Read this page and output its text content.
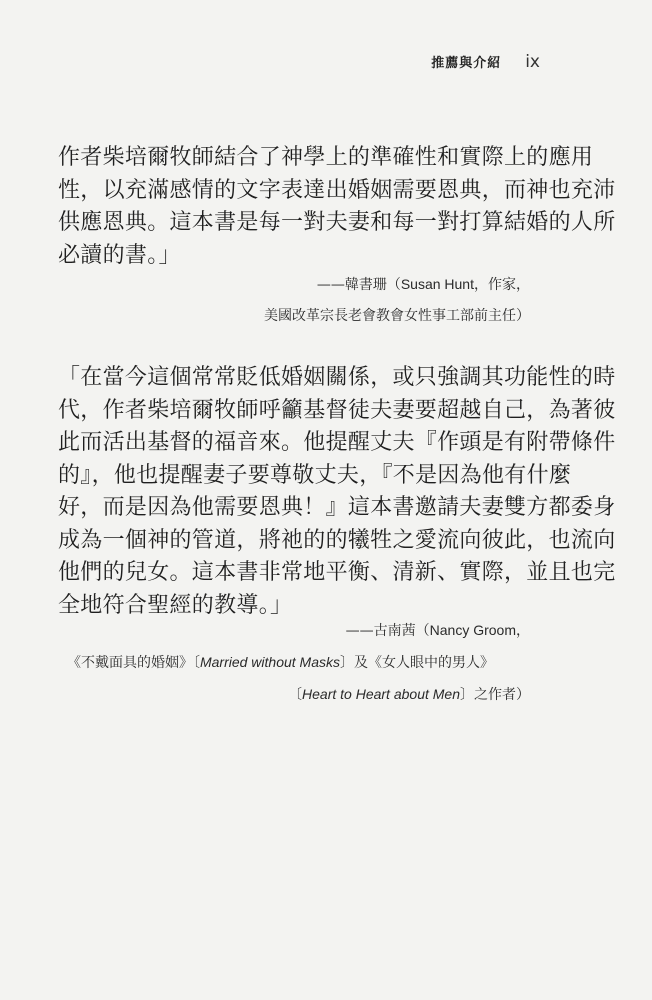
推薦與介紹 ix

作者柴培爾牧師結合了神學上的準確性和實際上的應用
性，以充滿感情的文字表達出婚姻需要恩典，而神也充沛
供應恩典。這本書是每一對夫妻和每一對打算結婚的人所
必讀的書。」

——韓書珊（Susan Hunt，作家，
美國改革宗長老會教會女性事工部前主任）

「在當今這個常常貶低婚姻關係，或只強調其功能性的時
代，作者柴培爾牧師呼籲基督徒夫妻要超越自己，為著彼
此而活出基督的福音來。他提醒丈夫『作頭是有附帶條件
的』，他也提醒妻子要尊敬丈夫，『不是因為他有什麼
好，而是因為他需要恩典！』這本書邀請夫妻雙方都委身
成為一個神的管道，將祂的的犧牲之愛流向彼此，也流向
他們的兒女。這本書非常地平衡、清新、實際，並且也完
全地符合聖經的教導。」

——古南茜（Nancy Groom，
《不戴面具的婚姻》〔Married without Masks〕及《女人眼中的男人》
〔Heart to Heart about Men〕之作者）
